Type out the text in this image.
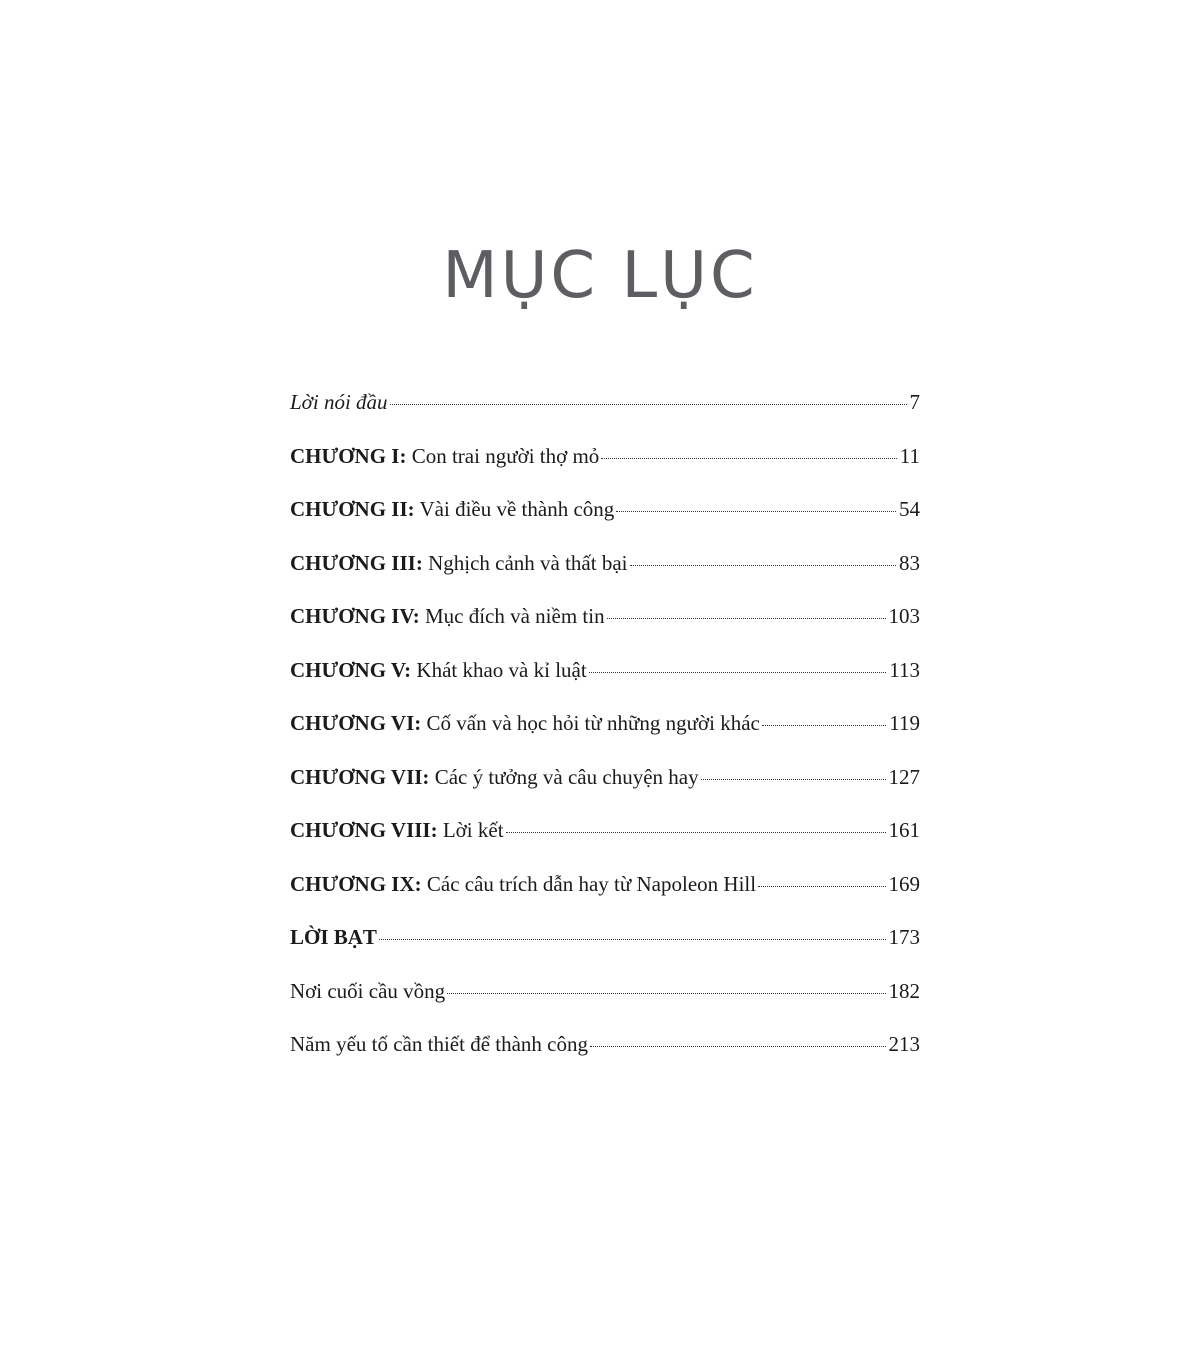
MỤC LỤC
Lời nói đầu	7
CHƯƠNG I: Con trai người thợ mỏ	11
CHƯƠNG II: Vài điều về thành công	54
CHƯƠNG III: Nghịch cảnh và thất bại	83
CHƯƠNG IV: Mục đích và niềm tin	103
CHƯƠNG V: Khát khao và kỉ luật	113
CHƯƠNG VI: Cố vấn và học hỏi từ những người khác	119
CHƯƠNG VII: Các ý tưởng và câu chuyện hay	127
CHƯƠNG VIII: Lời kết	161
CHƯƠNG IX: Các câu trích dẫn hay từ Napoleon Hill	169
LỜI BẠT	173
Nơi cuối cầu vồng	182
Năm yếu tố cần thiết để thành công	213
